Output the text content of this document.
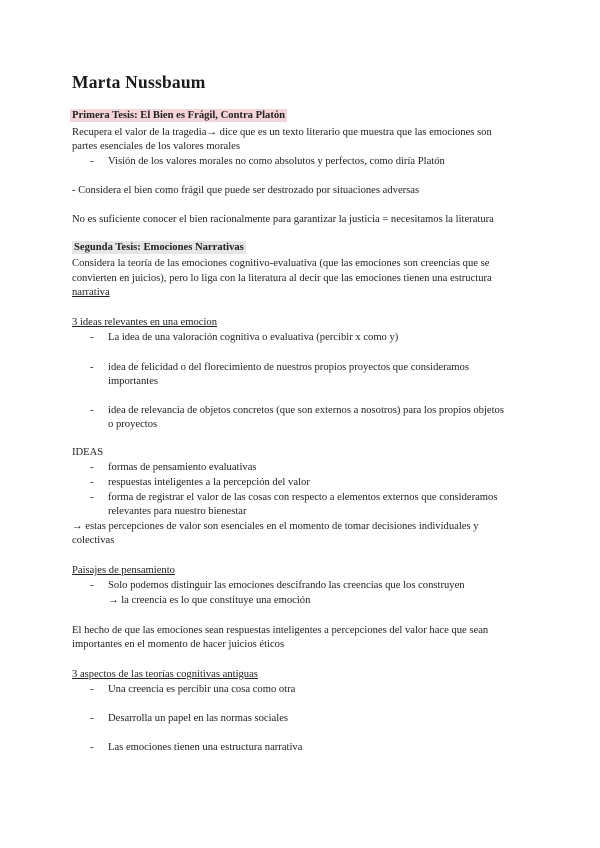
Marta Nussbaum
Primera Tesis: El Bien es Frágil, Contra Platón
Recupera el valor de la tragedia→ dice que es un texto literario que muestra que las emociones son
partes esenciales de los valores morales
- Visión de los valores morales no como absolutos y perfectos, como diría Platón
- Considera el bien como frágil que puede ser destrozado por situaciones adversas
No es suficiente conocer el bien racionalmente para garantizar la justicia = necesitamos la literatura
Segunda Tesis: Emociones Narrativas
Considera la teoría de las emociones cognitivo-evaluativa (que las emociones son creencias que se
convierten en juicios), pero lo liga con la literatura al decir que las emociones tienen una estructura
narrativa
3 ideas relevantes en una emocion
- La idea de una valoración cognitiva o evaluativa (percibir x como y)
- idea de felicidad o del florecimiento de nuestros propios proyectos que consideramos
importantes
- idea de relevancia de objetos concretos (que son externos a nosotros) para los propios objetos
o proyectos
IDEAS
- formas de pensamiento evaluativas
- respuestas inteligentes a la percepción del valor
- forma de registrar el valor de las cosas con respecto a elementos externos que consideramos
relevantes para nuestro bienestar
→ estas percepciones de valor son esenciales en el momento de tomar decisiones individuales y
colectivas
Paisajes de pensamiento
- Solo podemos distinguir las emociones descifrando las creencias que los construyen
→ la creencia es lo que constituye una emoción
El hecho de que las emociones sean respuestas inteligentes a percepciones del valor hace que sean
importantes en el momento de hacer juicios éticos
3 aspectos de las teorías cognitivas antiguas
- Una creencia es percibir una cosa como otra
- Desarrolla un papel en las normas sociales
- Las emociones tienen una estructura narrativa
